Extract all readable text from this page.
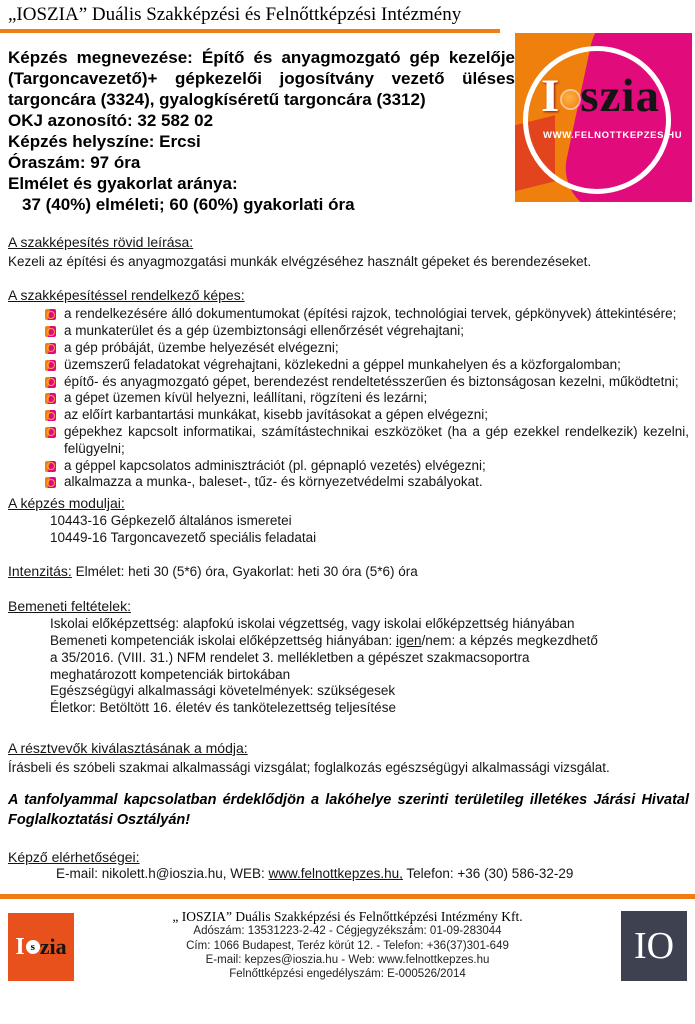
„IOSZIA” Duális Szakképzési és Felnőttképzési Intézmény
I szia
WWW.FELNOTTKEPZES.HU
Képzés megnevezése: Építő és anyagmozgató gép kezelője (Targoncavezető)+ gépkezelői jogosítvány vezető üléses targoncára (3324), gyalogkíséretű targoncára (3312)
OKJ azonosító: 32 582 02
Képzés helyszíne: Ercsi
Óraszám: 97 óra
Elmélet és gyakorlat aránya:
37 (40%) elméleti; 60 (60%) gyakorlati óra
A szakképesítés rövid leírása:
Kezeli az építési és anyagmozgatási munkák elvégzéséhez használt gépeket és berendezéseket.
A szakképesítéssel rendelkező képes:
a rendelkezésére álló dokumentumokat (építési rajzok, technológiai tervek, gépkönyvek) áttekintésére;
a munkaterület és a gép üzembiztonsági ellenőrzését végrehajtani;
a gép próbáját, üzembe helyezését elvégezni;
üzemszerű feladatokat végrehajtani, közlekedni a géppel munkahelyen és a közforgalomban;
építő- és anyagmozgató gépet, berendezést rendeltetésszerűen és biztonságosan kezelni, működtetni;
a gépet üzemen kívül helyezni, leállítani, rögzíteni és lezárni;
az előírt karbantartási munkákat, kisebb javításokat a gépen elvégezni;
gépekhez kapcsolt informatikai, számítástechnikai eszközöket (ha a gép ezekkel rendelkezik) kezelni, felügyelni;
a géppel kapcsolatos adminisztrációt (pl. gépnapló vezetés) elvégezni;
alkalmazza a munka-, baleset-, tűz- és környezetvédelmi szabályokat.
A képzés moduljai:
10443-16 Gépkezelő általános ismeretei
10449-16 Targoncavezető speciális feladatai
Intenzitás: Elmélet: heti 30 (5*6) óra, Gyakorlat: heti 30 óra (5*6) óra
Bemeneti feltételek:
Iskolai előképzettség: alapfokú iskolai végzettség, vagy iskolai előképzettség hiányában
Bemeneti kompetenciák iskolai előképzettség hiányában: igen/nem: a képzés megkezdhető
a 35/2016. (VIII. 31.) NFM rendelet 3. mellékletben a gépészet szakmacsoportra
meghatározott kompetenciák birtokában
Egészségügyi alkalmassági követelmények: szükségesek
Életkor: Betöltött 16. életév és tankötelezettség teljesítése
A résztvevők kiválasztásának a módja:
Írásbeli és szóbeli szakmai alkalmassági vizsgálat; foglalkozás egészségügyi alkalmassági vizsgálat.
A tanfolyammal kapcsolatban érdeklődjön a lakóhelye szerinti területileg illetékes Járási Hivatal Foglalkoztatási Osztályán!
Képző elérhetőségei:
E-mail: nikolett.h@ioszia.hu, WEB: www.felnottkepzes.hu, Telefon: +36 (30) 586-32-29
I s zia
„ IOSZIA” Duális Szakképzési és Felnőttképzési Intézmény Kft.
Adószám: 13531223-2-42 - Cégjegyzékszám: 01-09-283044
Cím: 1066 Budapest, Teréz körút 12. - Telefon: +36(37)301-649
E-mail: kepzes@ioszia.hu - Web: www.felnottkepzes.hu
Felnőttképzési engedélyszám: E-000526/2014
IO
